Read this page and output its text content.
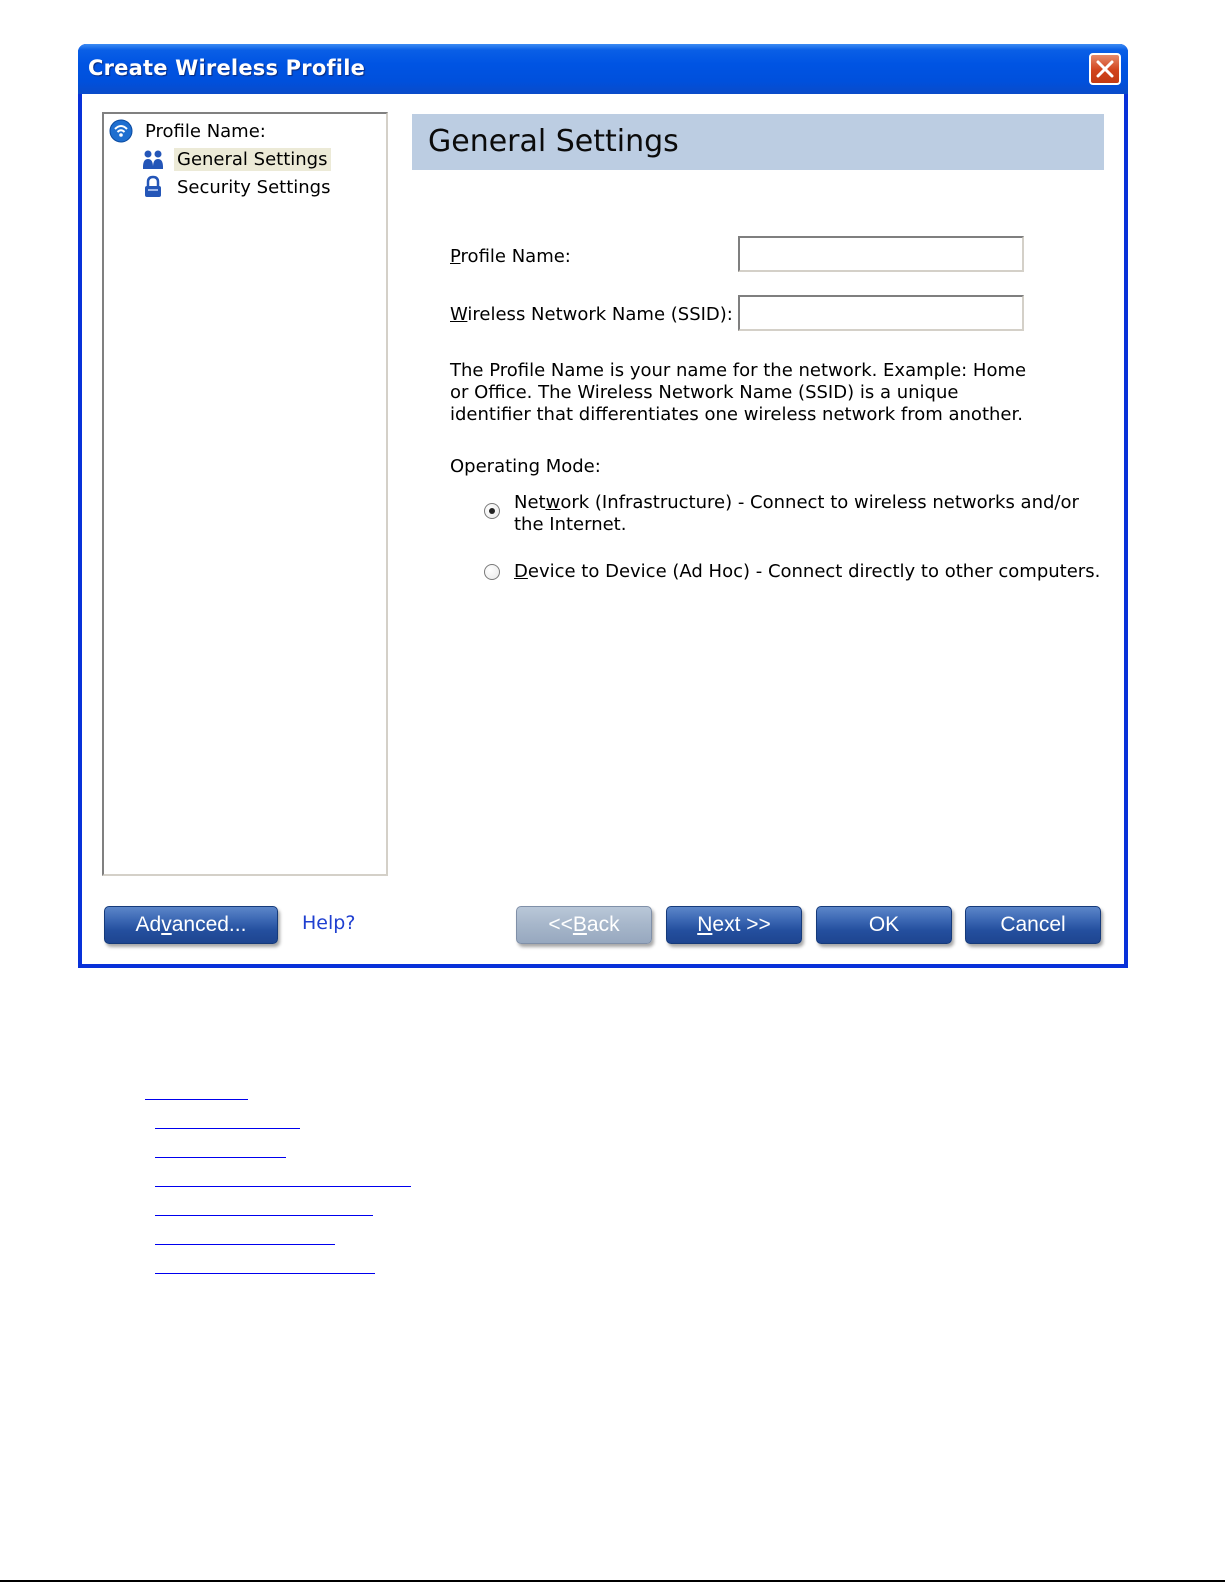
Create Wireless Profile
Profile Name:
General Settings
Security Settings
General Settings
Profile Name:
Wireless Network Name (SSID):
The Profile Name is your name for the network. Example: Home or Office. The Wireless Network Name (SSID) is a unique identifier that differentiates one wireless network from another.
Operating Mode:
Network (Infrastructure) - Connect to wireless networks and/or
the Internet.
Device to Device (Ad Hoc) - Connect directly to other computers.
Ad v anced...	Help?	<< B ack	N ext >>	OK	Cancel
